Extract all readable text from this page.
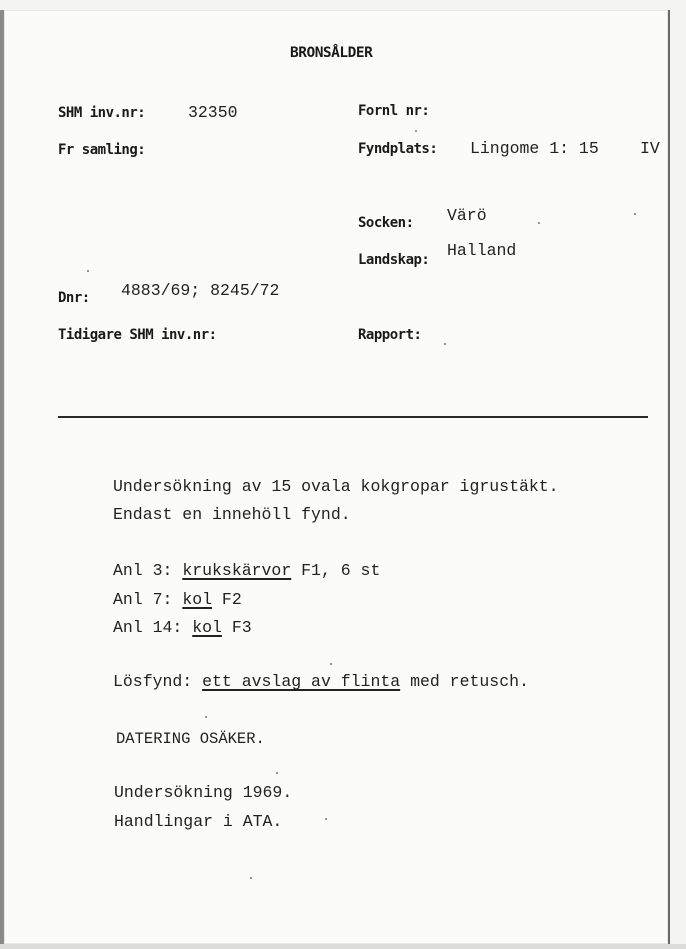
BRONSÅLDER
SHM inv.nr:	32350
Fr samling:
Dnr: 4883/69; 8245/72
Tidigare SHM inv.nr:
Fornl nr:
Fyndplats: Lingome 1: 15	IV
Socken: Värö
Landskap: Halland
Rapport:
Undersökning av 15 ovala kokgropar igrustäkt.
Endast en innehöll fynd.
Anl 3: krukskärvor F1, 6 st
Anl 7: kol F2
Anl 14: kol F3
Lösfynd: ett avslag av flinta med retusch.
DATERING OSÄKER.
Undersökning 1969.
Handlingar i ATA.
